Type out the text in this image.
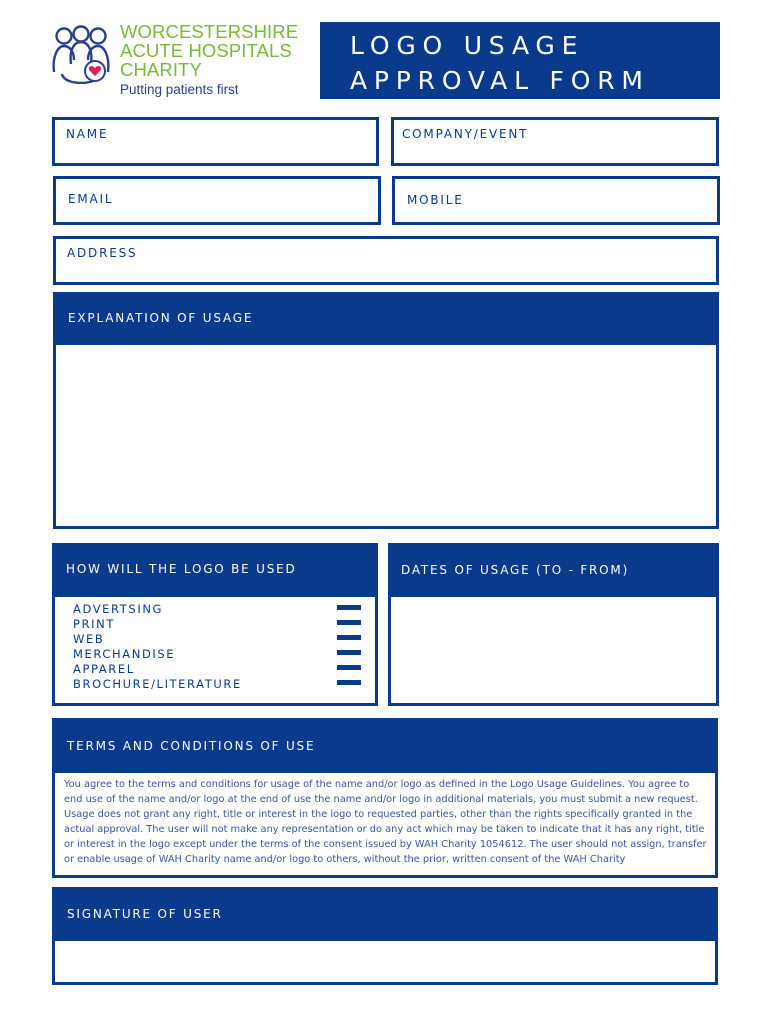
WORCESTERSHIRE
ACUTE HOSPITALS
CHARITY
Putting patients first
LOGO USAGE
APPROVAL FORM
NAME	COMPANY/EVENT
EMAIL	MOBILE
ADDRESS
EXPLANATION OF USAGE
HOW WILL THE LOGO BE USED
ADVERTSING
PRINT
WEB
MERCHANDISE
APPAREL
BROCHURE/LITERATURE
DATES OF USAGE (TO - FROM)
TERMS AND CONDITIONS OF USE
You agree to the terms and conditions for usage of the name and/or logo as defined in the Logo Usage Guidelines. You agree to end use of the name and/or logo at the end of use the name and/or logo in additional materials, you must submit a new request. Usage does not grant any right, title or interest in the logo to requested parties, other than the rights specifically granted in the actual approval. The user will not make any representation or do any act which may be taken to indicate that it has any right, title or interest in the logo except under the terms of the consent issued by WAH Charity 1054612. The user should not assign, transfer or enable usage of WAH Charity name and/or logo to others, without the prior, written consent of the WAH Charity
SIGNATURE OF USER
